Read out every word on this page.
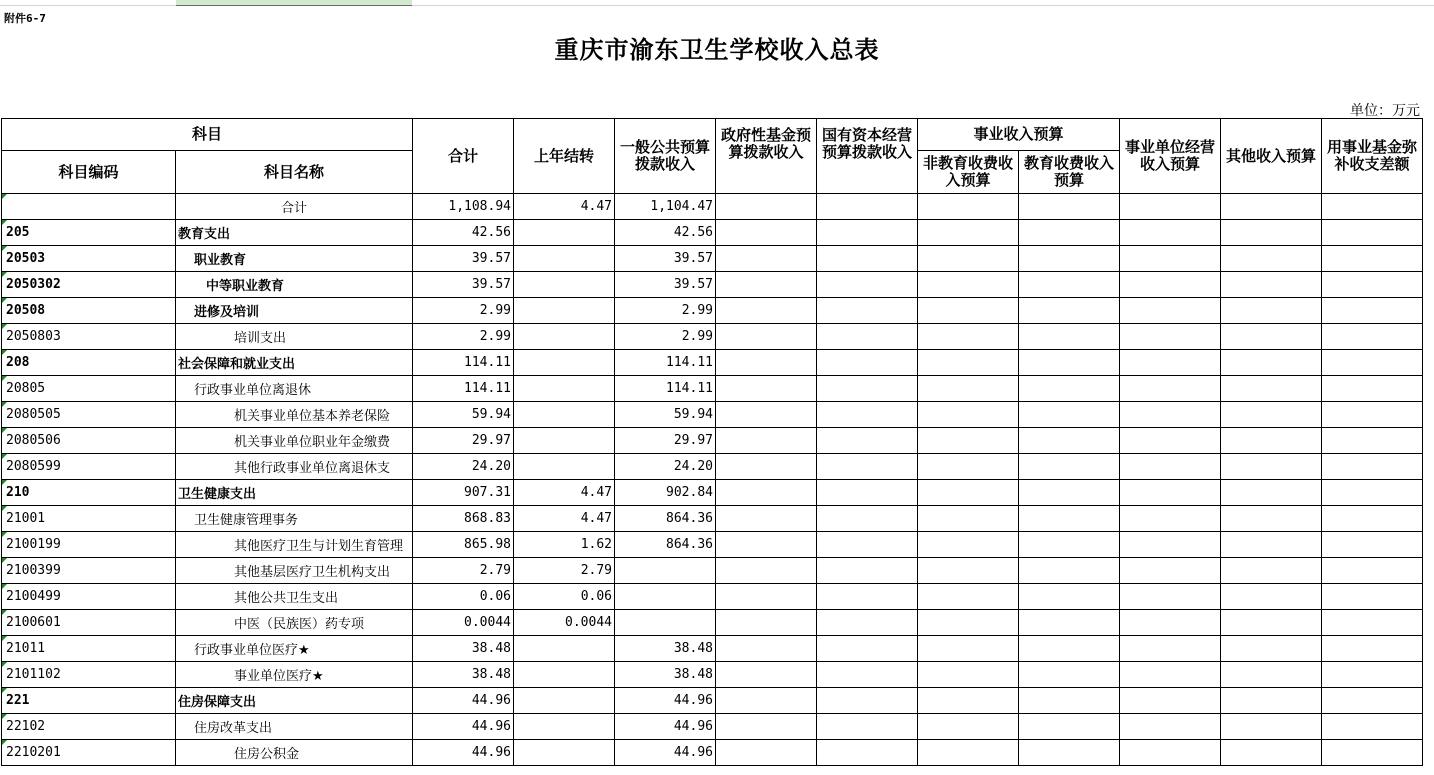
附件6-7
重庆市渝东卫生学校收入总表
单位：万元
科目		合计	上年结转	一般公共预算拨款收入	政府性基金预算拨款收入	国有资本经营预算拨款收入	事业收入预算		事业单位经营收入预算	其他收入预算	用事业基金弥补收支差额
科目编码	科目名称						非教育收费收入预算	教育收费收入预算			
	合计	1,108.94	4.47	1,104.47							
205	教育支出	42.56		42.56							
20503	职业教育	39.57		39.57							
2050302	中等职业教育	39.57		39.57							
20508	进修及培训	2.99		2.99							
2050803	培训支出	2.99		2.99							
208	社会保障和就业支出	114.11		114.11							
20805	行政事业单位离退休	114.11		114.11							
2080505	机关事业单位基本养老保险	59.94		59.94							
2080506	机关事业单位职业年金缴费	29.97		29.97							
2080599	其他行政事业单位离退休支	24.20		24.20							
210	卫生健康支出	907.31	4.47	902.84							
21001	卫生健康管理事务	868.83	4.47	864.36							
2100199	其他医疗卫生与计划生育管理	865.98	1.62	864.36							
2100399	其他基层医疗卫生机构支出	2.79	2.79								
2100499	其他公共卫生支出	0.06	0.06								
2100601	中医（民族医）药专项	0.0044	0.0044								
21011	行政事业单位医疗★	38.48		38.48							
2101102	事业单位医疗★	38.48		38.48							
221	住房保障支出	44.96		44.96							
22102	住房改革支出	44.96		44.96							
2210201	住房公积金	44.96		44.96							
